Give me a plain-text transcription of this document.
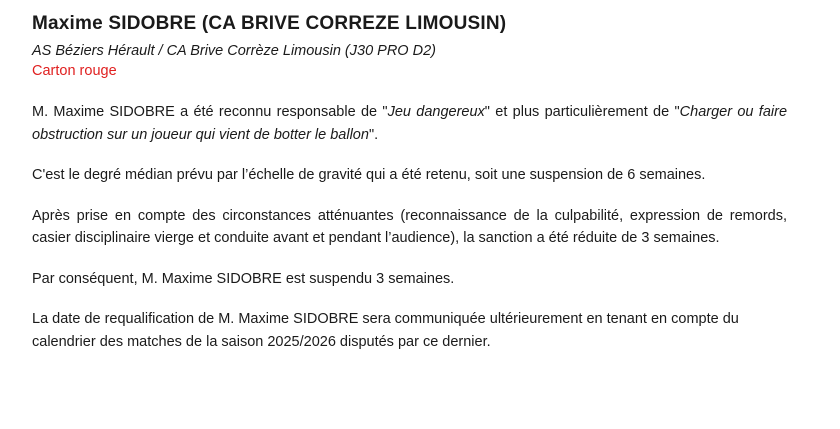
Maxime SIDOBRE (CA BRIVE CORREZE LIMOUSIN)
AS Béziers Hérault / CA Brive Corrèze Limousin (J30 PRO D2)
Carton rouge

M. Maxime SIDOBRE a été reconnu responsable de "Jeu dangereux" et plus particulièrement de "Charger ou faire obstruction sur un joueur qui vient de botter le ballon".

C'est le degré médian prévu par l’échelle de gravité qui a été retenu, soit une suspension de 6 semaines.

Après prise en compte des circonstances atténuantes (reconnaissance de la culpabilité, expression de remords, casier disciplinaire vierge et conduite avant et pendant l’audience), la sanction a été réduite de 3 semaines.

Par conséquent, M. Maxime SIDOBRE est suspendu 3 semaines.

La date de requalification de M. Maxime SIDOBRE sera communiquée ultérieurement en tenant en compte du calendrier des matches de la saison 2025/2026 disputés par ce dernier.
